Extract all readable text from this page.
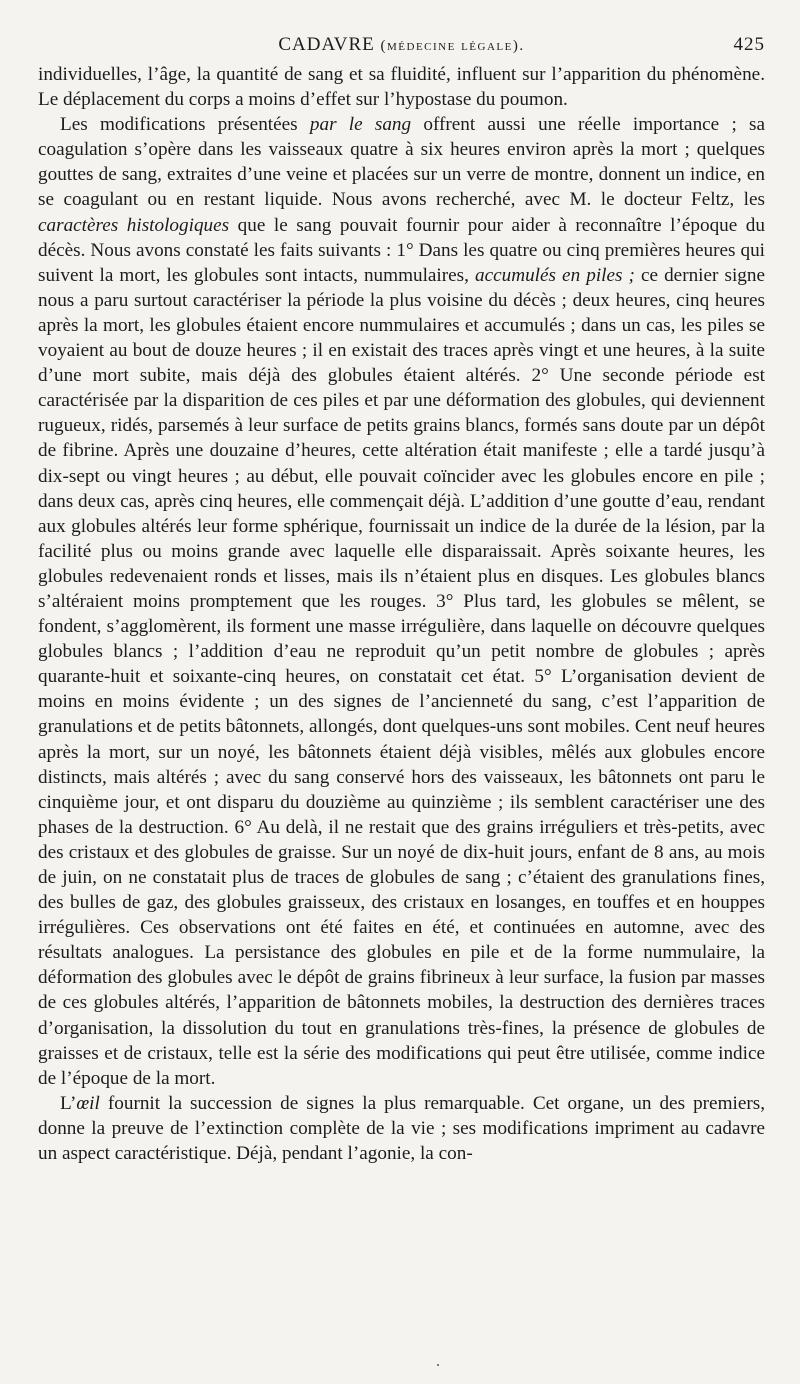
CADAVRE (médecine légale).	425

individuelles, l’âge, la quantité de sang et sa fluidité, influent sur l’apparition du phénomène. Le déplacement du corps a moins d’effet sur l’hypostase du poumon.

Les modifications présentées par le sang offrent aussi une réelle importance ; sa coagulation s’opère dans les vaisseaux quatre à six heures environ après la mort ; quelques gouttes de sang, extraites d’une veine et placées sur un verre de montre, donnent un indice, en se coagulant ou en restant liquide. Nous avons recherché, avec M. le docteur Feltz, les caractères histologiques que le sang pouvait fournir pour aider à reconnaître l’époque du décès. Nous avons constaté les faits suivants : 1° Dans les quatre ou cinq premières heures qui suivent la mort, les globules sont intacts, nummulaires, accumulés en piles ; ce dernier signe nous a paru surtout caractériser la période la plus voisine du décès ; deux heures, cinq heures après la mort, les globules étaient encore nummulaires et accumulés ; dans un cas, les piles se voyaient au bout de douze heures ; il en existait des traces après vingt et une heures, à la suite d’une mort subite, mais déjà des globules étaient altérés. 2° Une seconde période est caractérisée par la disparition de ces piles et par une déformation des globules, qui deviennent rugueux, ridés, parsemés à leur surface de petits grains blancs, formés sans doute par un dépôt de fibrine. Après une douzaine d’heures, cette altération était manifeste ; elle a tardé jusqu’à dix-sept ou vingt heures ; au début, elle pouvait coïncider avec les globules encore en pile ; dans deux cas, après cinq heures, elle commençait déjà. L’addition d’une goutte d’eau, rendant aux globules altérés leur forme sphérique, fournissait un indice de la durée de la lésion, par la facilité plus ou moins grande avec laquelle elle disparaissait. Après soixante heures, les globules redevenaient ronds et lisses, mais ils n’étaient plus en disques. Les globules blancs s’altéraient moins promptement que les rouges. 3° Plus tard, les globules se mêlent, se fondent, s’agglomèrent, ils forment une masse irrégulière, dans laquelle on découvre quelques globules blancs ; l’addition d’eau ne reproduit qu’un petit nombre de globules ; après quarante-huit et soixante-cinq heures, on constatait cet état. 5° L’organisation devient de moins en moins évidente ; un des signes de l’ancienneté du sang, c’est l’apparition de granulations et de petits bâtonnets, allongés, dont quelques-uns sont mobiles. Cent neuf heures après la mort, sur un noyé, les bâtonnets étaient déjà visibles, mêlés aux globules encore distincts, mais altérés ; avec du sang conservé hors des vaisseaux, les bâtonnets ont paru le cinquième jour, et ont disparu du douzième au quinzième ; ils semblent caractériser une des phases de la destruction. 6° Au delà, il ne restait que des grains irréguliers et très-petits, avec des cristaux et des globules de graisse. Sur un noyé de dix-huit jours, enfant de 8 ans, au mois de juin, on ne constatait plus de traces de globules de sang ; c’étaient des granulations fines, des bulles de gaz, des globules graisseux, des cristaux en losanges, en touffes et en houppes irrégulières. Ces observations ont été faites en été, et continuées en automne, avec des résultats analogues. La persistance des globules en pile et de la forme nummulaire, la déformation des globules avec le dépôt de grains fibrineux à leur surface, la fusion par masses de ces globules altérés, l’apparition de bâtonnets mobiles, la destruction des dernières traces d’organisation, la dissolution du tout en granulations très-fines, la présence de globules de graisses et de cristaux, telle est la série des modifications qui peut être utilisée, comme indice de l’époque de la mort.

L’œil fournit la succession de signes la plus remarquable. Cet organe, un des premiers, donne la preuve de l’extinction complète de la vie ; ses modifications impriment au cadavre un aspect caractéristique. Déjà, pendant l’agonie, la con-
